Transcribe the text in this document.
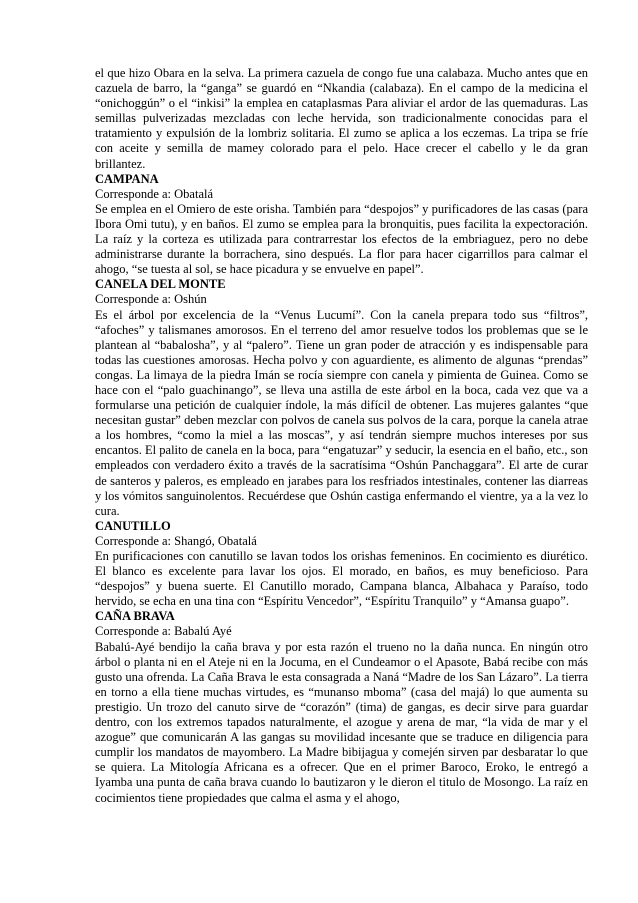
el que hizo Obara en la selva. La primera cazuela de congo fue una calabaza. Mucho antes que en cazuela de barro, la “ganga” se guardó en “Nkandia (calabaza). En el campo de la medicina el “onichoggún” o el “inkisi” la emplea en cataplasmas Para aliviar el ardor de las quemaduras. Las semillas pulverizadas mezcladas con leche hervida, son tradicionalmente conocidas para el tratamiento y expulsión de la lombriz solitaria. El zumo se aplica a los eczemas. La tripa se fríe con aceite y semilla de mamey colorado para el pelo. Hace crecer el cabello y le da gran brillantez.

CAMPANA

Corresponde a: Obatalá

Se emplea en el Omiero de este orisha. También para “despojos” y purificadores de las casas (para Ibora Omi tutu), y en baños. El zumo se emplea para la bronquitis, pues facilita la expectoración. La raíz y la corteza es utilizada para contrarrestar los efectos de la embriaguez, pero no debe administrarse durante la borrachera, sino después. La flor para hacer cigarrillos para calmar el ahogo, “se tuesta al sol, se hace picadura y se envuelve en papel”.

CANELA DEL MONTE

Corresponde a: Oshún

Es el árbol por excelencia de la “Venus Lucumí”. Con la canela prepara todo sus “filtros”, “afoches” y talismanes amorosos. En el terreno del amor resuelve todos los problemas que se le plantean al “babalosha”, y al “palero”. Tiene un gran poder de atracción y es indispensable para todas las cuestiones amorosas. Hecha polvo y con aguardiente, es alimento de algunas “prendas” congas. La limaya de la piedra Imán se rocía siempre con canela y pimienta de Guinea. Como se hace con el “palo guachinango”, se lleva una astilla de este árbol en la boca, cada vez que va a formularse una petición de cualquier índole, la más difícil de obtener. Las mujeres galantes “que necesitan gustar” deben mezclar con polvos de canela sus polvos de la cara, porque la canela atrae a los hombres, “como la miel a las moscas”, y así tendrán siempre muchos intereses por sus encantos. El palito de canela en la boca, para “engatuzar” y seducir, la esencia en el baño, etc., son empleados con verdadero éxito a través de la sacratísima “Oshún Panchaggara”. El arte de curar de santeros y paleros, es empleado en jarabes para los resfriados intestinales, contener las diarreas y los vómitos sanguinolentos. Recuérdese que Oshún castiga enfermando el vientre, ya a la vez lo cura.

CANUTILLO

Corresponde a: Shangó, Obatalá

En purificaciones con canutillo se lavan todos los orishas femeninos. En cocimiento es diurético. El blanco es excelente para lavar los ojos. El morado, en baños, es muy beneficioso. Para “despojos” y buena suerte. El Canutillo morado, Campana blanca, Albahaca y Paraíso, todo hervido, se echa en una tina con “Espíritu Vencedor”, “Espíritu Tranquilo” y “Amansa guapo”.

CAÑA BRAVA

Corresponde a: Babalú Ayé

Babalú-Ayé bendijo la caña brava y por esta razón el trueno no la daña nunca. En ningún otro árbol o planta ni en el Ateje ni en la Jocuma, en el Cundeamor o el Apasote, Babá recibe con más gusto una ofrenda. La Caña Brava le esta consagrada a Naná “Madre de los San Lázaro”. La tierra en torno a ella tiene muchas virtudes, es “munanso mboma” (casa del majá) lo que aumenta su prestigio. Un trozo del canuto sirve de “corazón” (tima) de gangas, es decir sirve para guardar dentro, con los extremos tapados naturalmente, el azogue y arena de mar, “la vida de mar y el azogue” que comunicarán A las gangas su movilidad incesante que se traduce en diligencia para cumplir los mandatos de mayombero. La Madre bibijagua y comején sirven par desbaratar lo que se quiera. La Mitología Africana es a ofrecer. Que en el primer Baroco, Eroko, le entregó a Iyamba una punta de caña brava cuando lo bautizaron y le dieron el titulo de Mosongo. La raíz en cocimientos tiene propiedades que calma el asma y el ahogo,
